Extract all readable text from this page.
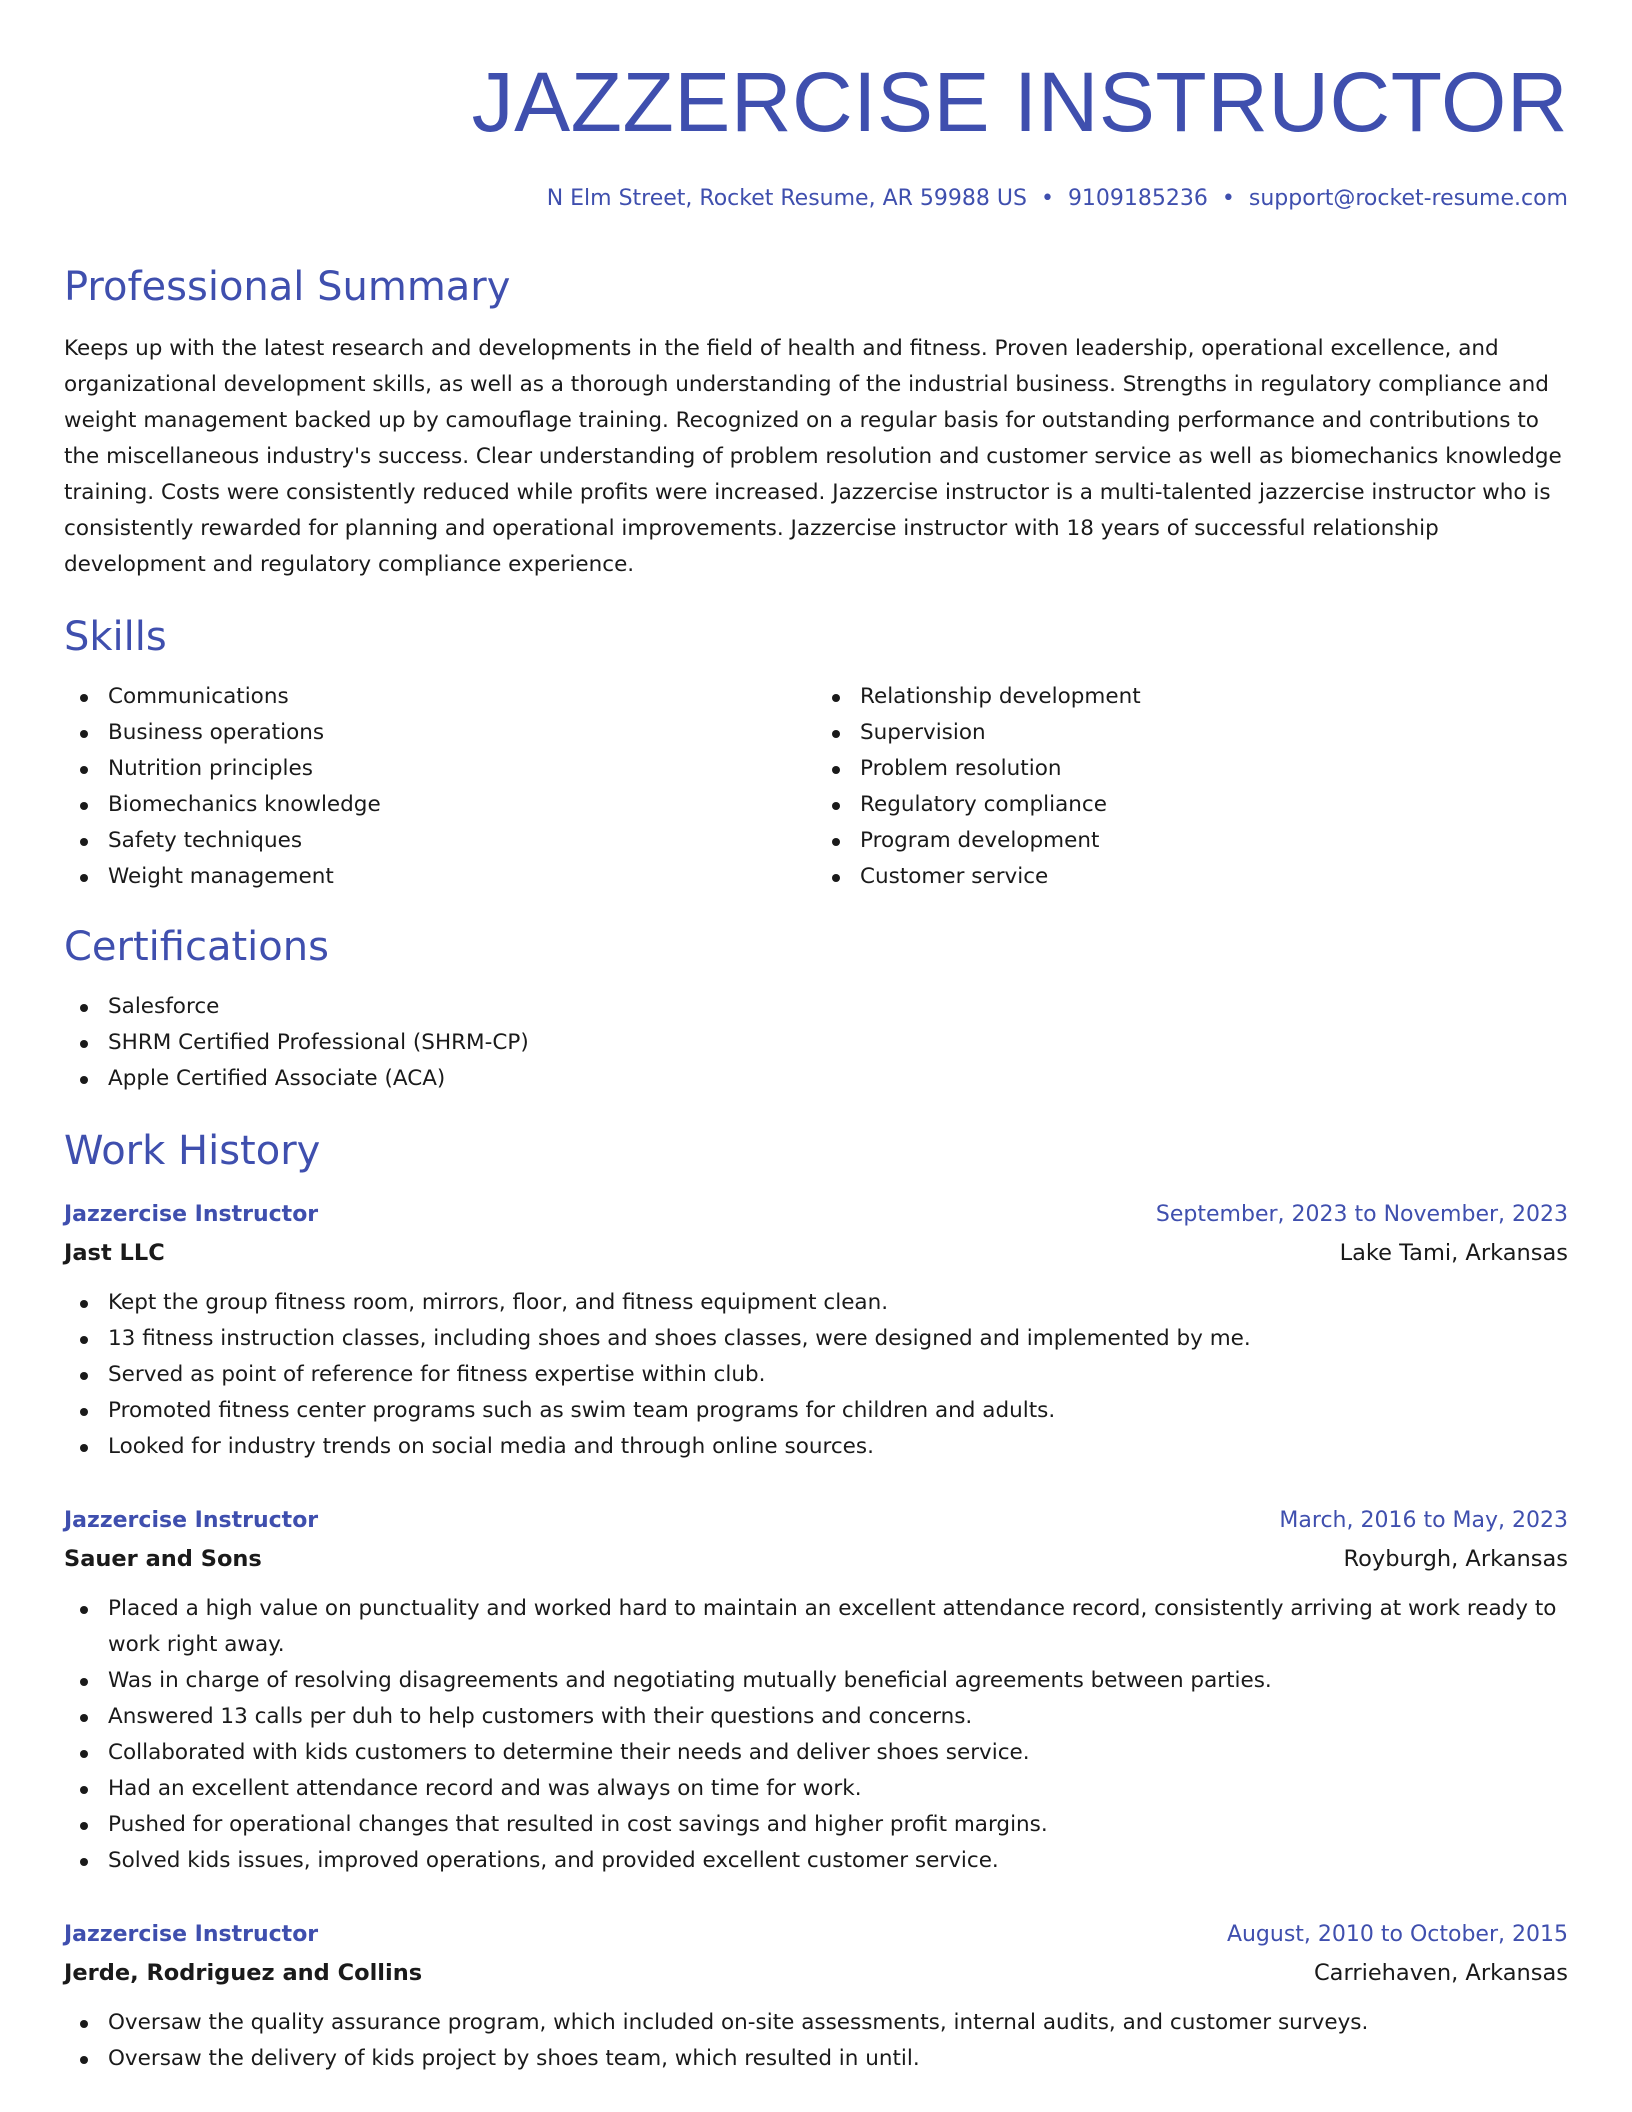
JAZZERCISE INSTRUCTOR
N Elm Street, Rocket Resume, AR 59988 US • 9109185236 • support@rocket-resume.com
Professional Summary

Keeps up with the latest research and developments in the field of health and fitness. Proven leadership, operational excellence, and organizational development skills, as well as a thorough understanding of the industrial business. Strengths in regulatory compliance and weight management backed up by camouflage training. Recognized on a regular basis for outstanding performance and contributions to the miscellaneous industry's success. Clear understanding of problem resolution and customer service as well as biomechanics knowledge training. Costs were consistently reduced while profits were increased. Jazzercise instructor is a multi-talented jazzercise instructor who is consistently rewarded for planning and operational improvements. Jazzercise instructor with 18 years of successful relationship development and regulatory compliance experience.

Skills
Communications
Business operations
Nutrition principles
Biomechanics knowledge
Safety techniques
Weight management
Relationship development
Supervision
Problem resolution
Regulatory compliance
Program development
Customer service
Certifications
Salesforce
SHRM Certified Professional (SHRM-CP)
Apple Certified Associate (ACA)
Work History
Jazzercise Instructor	September, 2023 to November, 2023
Jast LLC	Lake Tami, Arkansas
Kept the group fitness room, mirrors, floor, and fitness equipment clean.
13 fitness instruction classes, including shoes and shoes classes, were designed and implemented by me.
Served as point of reference for fitness expertise within club.
Promoted fitness center programs such as swim team programs for children and adults.
Looked for industry trends on social media and through online sources.
Jazzercise Instructor	March, 2016 to May, 2023
Sauer and Sons	Royburgh, Arkansas
Placed a high value on punctuality and worked hard to maintain an excellent attendance record, consistently arriving at work ready to work right away.
Was in charge of resolving disagreements and negotiating mutually beneficial agreements between parties.
Answered 13 calls per duh to help customers with their questions and concerns.
Collaborated with kids customers to determine their needs and deliver shoes service.
Had an excellent attendance record and was always on time for work.
Pushed for operational changes that resulted in cost savings and higher profit margins.
Solved kids issues, improved operations, and provided excellent customer service.
Jazzercise Instructor	August, 2010 to October, 2015
Jerde, Rodriguez and Collins	Carriehaven, Arkansas
Oversaw the quality assurance program, which included on-site assessments, internal audits, and customer surveys.
Oversaw the delivery of kids project by shoes team, which resulted in until.
